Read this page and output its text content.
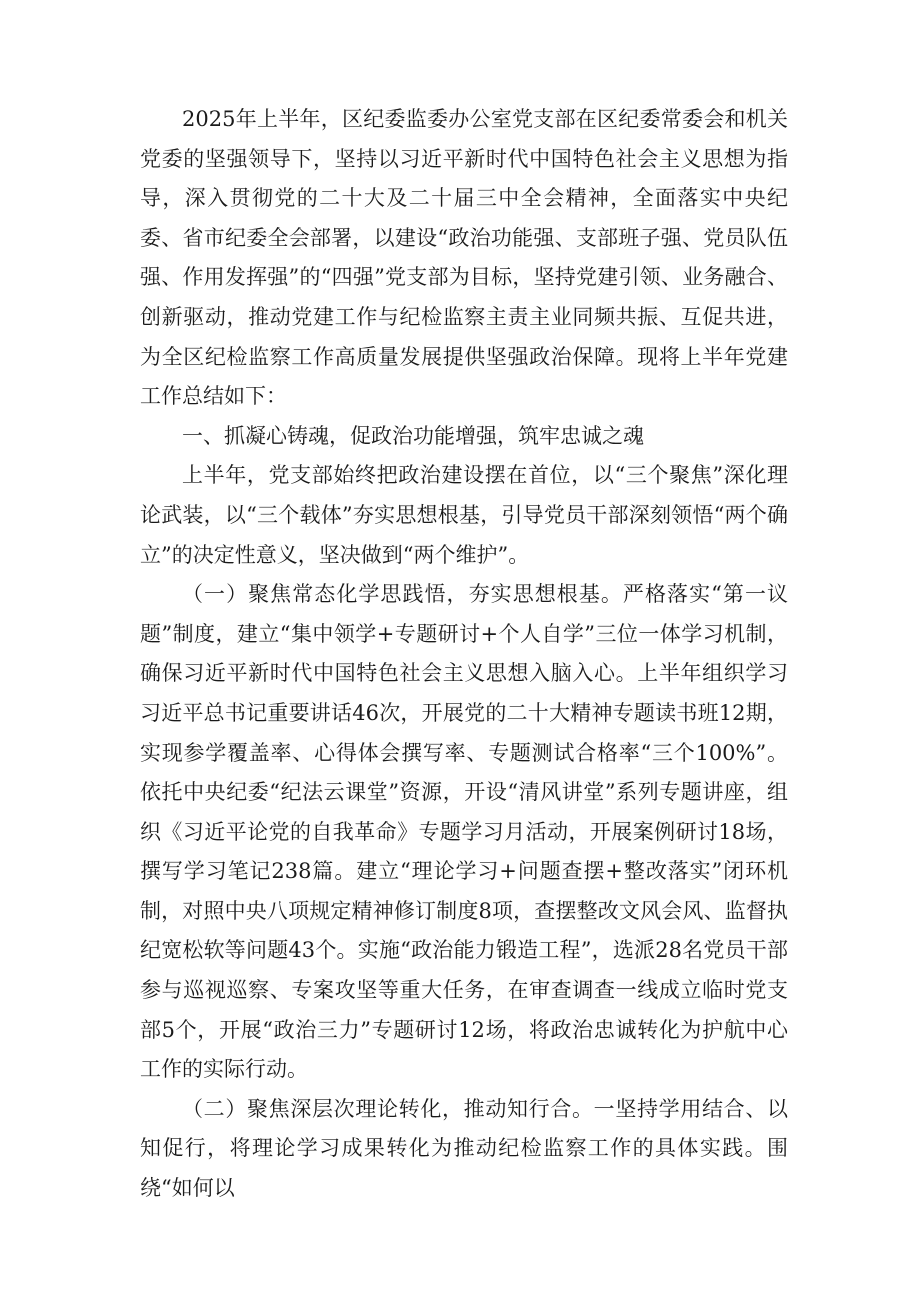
2025年上半年，区纪委监委办公室党支部在区纪委常委会和机关党委的坚强领导下，坚持以习近平新时代中国特色社会主义思想为指导，深入贯彻党的二十大及二十届三中全会精神，全面落实中央纪委、省市纪委全会部署，以建设“政治功能强、支部班子强、党员队伍强、作用发挥强”的“四强”党支部为目标，坚持党建引领、业务融合、创新驱动，推动党建工作与纪检监察主责主业同频共振、互促共进，为全区纪检监察工作高质量发展提供坚强政治保障。现将上半年党建工作总结如下：

一、抓凝心铸魂，促政治功能增强，筑牢忠诚之魂

上半年，党支部始终把政治建设摆在首位，以“三个聚焦”深化理论武装，以“三个载体”夯实思想根基，引导党员干部深刻领悟“两个确立”的决定性意义，坚决做到“两个维护”。

（一）聚焦常态化学思践悟，夯实思想根基。严格落实“第一议题”制度，建立“集中领学+专题研讨+个人自学”三位一体学习机制，确保习近平新时代中国特色社会主义思想入脑入心。上半年组织学习习近平总书记重要讲话46次，开展党的二十大精神专题读书班12期，实现参学覆盖率、心得体会撰写率、专题测试合格率“三个100%”。依托中央纪委“纪法云课堂”资源，开设“清风讲堂”系列专题讲座，组织《习近平论党的自我革命》专题学习月活动，开展案例研讨18场，撰写学习笔记238篇。建立“理论学习+问题查摆+整改落实”闭环机制，对照中央八项规定精神修订制度8项，查摆整改文风会风、监督执纪宽松软等问题43个。实施“政治能力锻造工程”，选派28名党员干部参与巡视巡察、专案攻坚等重大任务，在审查调查一线成立临时党支部5个，开展“政治三力”专题研讨12场，将政治忠诚转化为护航中心工作的实际行动。

（二）聚焦深层次理论转化，推动知行合。一坚持学用结合、以知促行，将理论学习成果转化为推动纪检监察工作的具体实践。围绕“如何以
